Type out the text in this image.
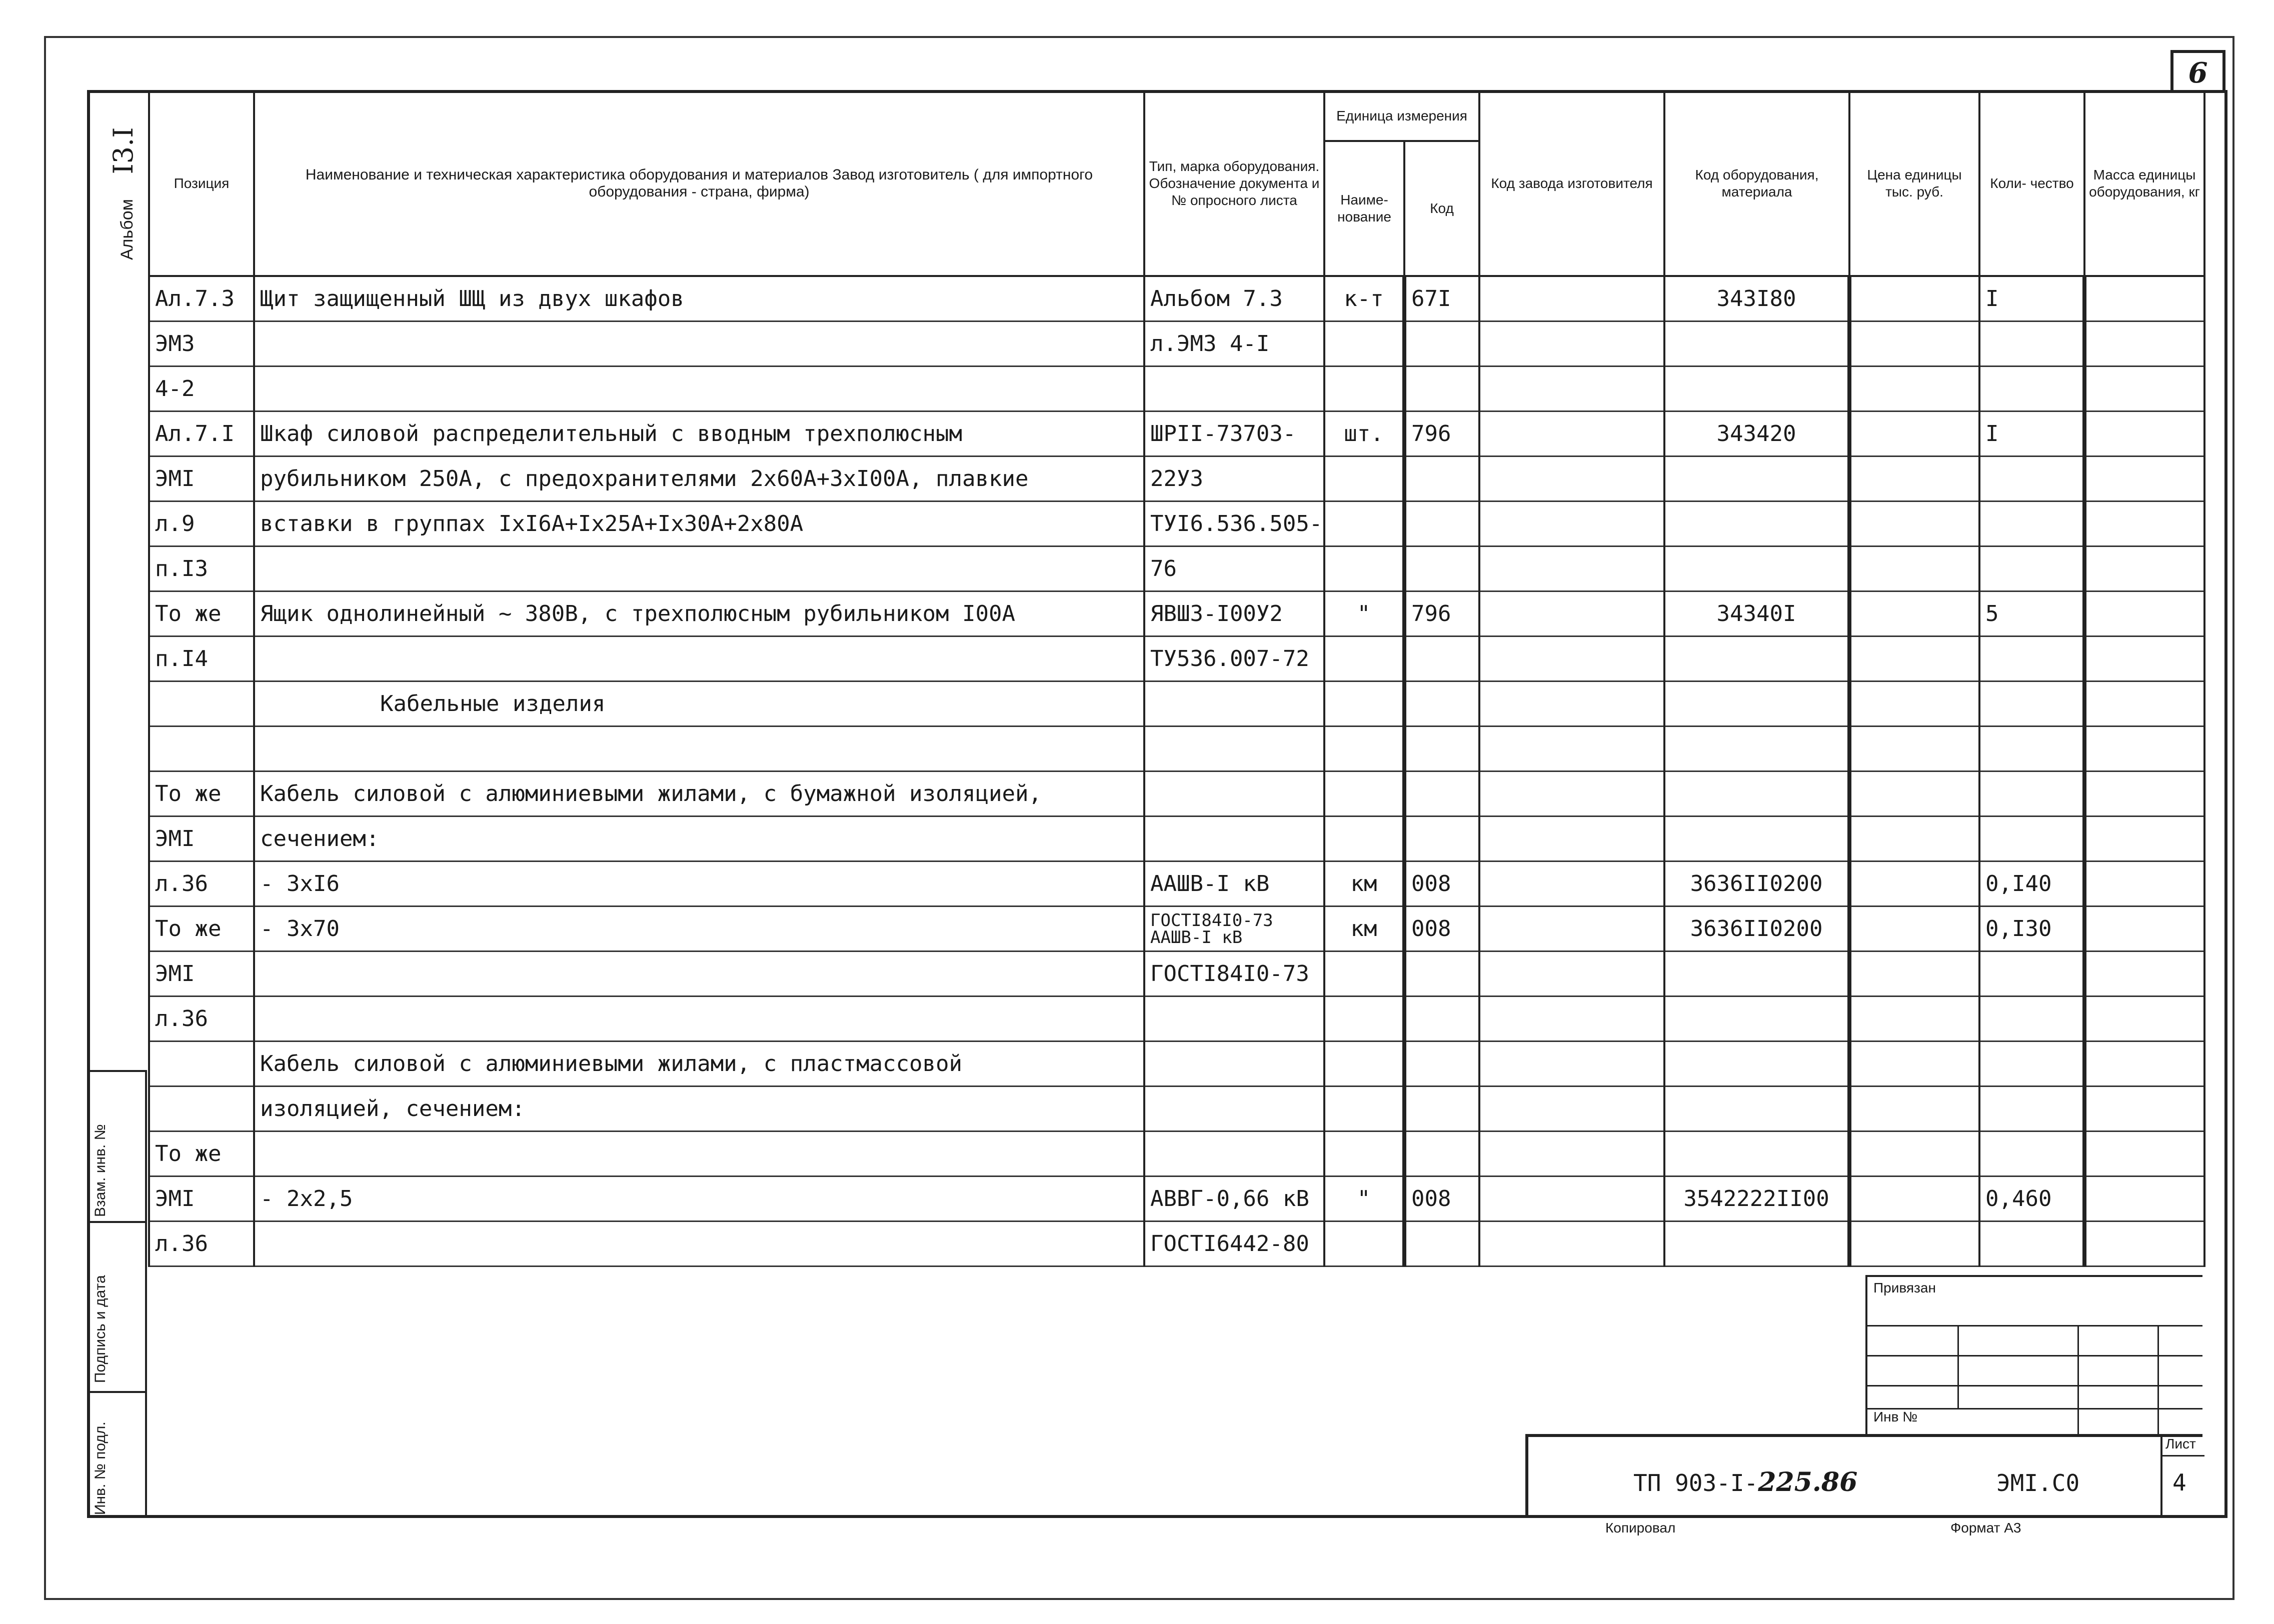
6
Альбом I3.I
Позиция	Наименование и техническая характеристика оборудования и материалов Завод изготовитель ( для импортного оборудования - страна, фирма)	Тип, марка оборудования. Обозначение документа и № опросного листа	Единица измерения		Код завода изготовителя	Код оборудования, материала	Цена единицы тыс. руб.	Коли- чество	Масса единицы оборудования, кг
			Наиме- нование	Код					
Ал.7.3	Щит защищенный ШЩ из двух шкафов	Альбом 7.3	к-т	67I		343I80		I	
ЭМ3		л.ЭМ3 4-I							
4-2									
Ал.7.I	Шкаф силовой распределительный с вводным трехполюсным	ШРII-73703-	шт.	796		343420		I	
ЭМI	рубильником 250А, с предохранителями 2х60А+3хI00А, плавкие	22У3							
л.9	вставки в группах IхI6А+Iх25А+Iх30А+2х80А	ТУI6.536.505-							
п.I3		76							
То же	Ящик однолинейный ~ 380В, с трехполюсным рубильником I00А	ЯВШ3-I00У2	"	796		34340I		5	
п.I4		ТУ536.007-72							
	Кабельные изделия								

То же	Кабель силовой с алюминиевыми жилами, с бумажной изоляцией,								
ЭМI	сечением:								
л.36	- 3хI6	ААШВ-I кВ	км	008		3636II0200		0,I40	
То же	- 3х70	ГОСТI84I0-73 ААШВ-I кВ	км	008		3636II0200		0,I30	
ЭМI		ГОСТI84I0-73							
л.36									
	Кабель силовой с алюминиевыми жилами, с пластмассовой								
	изоляцией, сечением:								
То же									
ЭМI	- 2х2,5	АВВГ-0,66 кВ	"	008		3542222II00		0,460	
л.36		ГОСТI6442-80							
Взам. инв. №
Подпись и дата
Инв. № подл.
Привязан
Инв №
ТП 903-I-225.86	ЭМI.С0
Лист
4
Копировал	Формат А3
